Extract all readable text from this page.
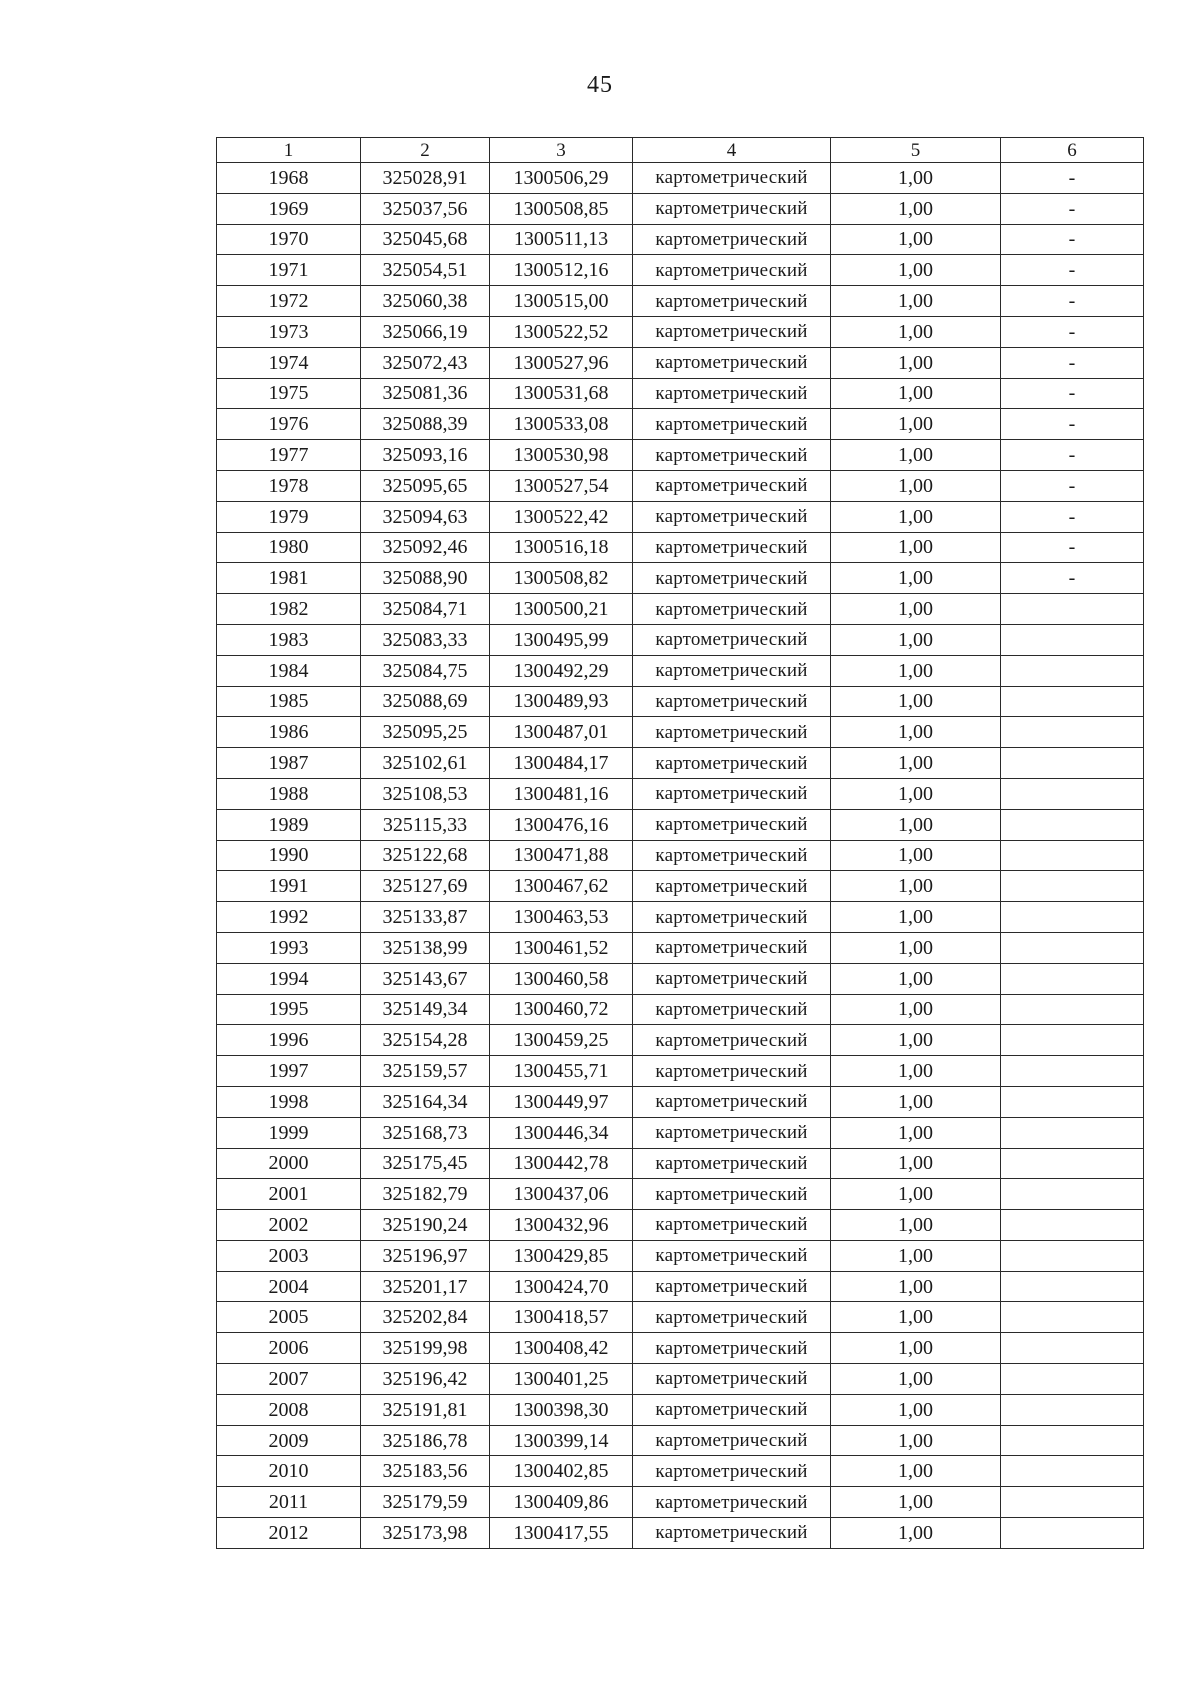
45
1	2	3	4	5	6
1968	325028,91	1300506,29	картометрический	1,00	-
1969	325037,56	1300508,85	картометрический	1,00	-
1970	325045,68	1300511,13	картометрический	1,00	-
1971	325054,51	1300512,16	картометрический	1,00	-
1972	325060,38	1300515,00	картометрический	1,00	-
1973	325066,19	1300522,52	картометрический	1,00	-
1974	325072,43	1300527,96	картометрический	1,00	-
1975	325081,36	1300531,68	картометрический	1,00	-
1976	325088,39	1300533,08	картометрический	1,00	-
1977	325093,16	1300530,98	картометрический	1,00	-
1978	325095,65	1300527,54	картометрический	1,00	-
1979	325094,63	1300522,42	картометрический	1,00	-
1980	325092,46	1300516,18	картометрический	1,00	-
1981	325088,90	1300508,82	картометрический	1,00	-
1982	325084,71	1300500,21	картометрический	1,00	
1983	325083,33	1300495,99	картометрический	1,00	
1984	325084,75	1300492,29	картометрический	1,00	
1985	325088,69	1300489,93	картометрический	1,00	
1986	325095,25	1300487,01	картометрический	1,00	
1987	325102,61	1300484,17	картометрический	1,00	
1988	325108,53	1300481,16	картометрический	1,00	
1989	325115,33	1300476,16	картометрический	1,00	
1990	325122,68	1300471,88	картометрический	1,00	
1991	325127,69	1300467,62	картометрический	1,00	
1992	325133,87	1300463,53	картометрический	1,00	
1993	325138,99	1300461,52	картометрический	1,00	
1994	325143,67	1300460,58	картометрический	1,00	
1995	325149,34	1300460,72	картометрический	1,00	
1996	325154,28	1300459,25	картометрический	1,00	
1997	325159,57	1300455,71	картометрический	1,00	
1998	325164,34	1300449,97	картометрический	1,00	
1999	325168,73	1300446,34	картометрический	1,00	
2000	325175,45	1300442,78	картометрический	1,00	
2001	325182,79	1300437,06	картометрический	1,00	
2002	325190,24	1300432,96	картометрический	1,00	
2003	325196,97	1300429,85	картометрический	1,00	
2004	325201,17	1300424,70	картометрический	1,00	
2005	325202,84	1300418,57	картометрический	1,00	
2006	325199,98	1300408,42	картометрический	1,00	
2007	325196,42	1300401,25	картометрический	1,00	
2008	325191,81	1300398,30	картометрический	1,00	
2009	325186,78	1300399,14	картометрический	1,00	
2010	325183,56	1300402,85	картометрический	1,00	
2011	325179,59	1300409,86	картометрический	1,00	
2012	325173,98	1300417,55	картометрический	1,00	
